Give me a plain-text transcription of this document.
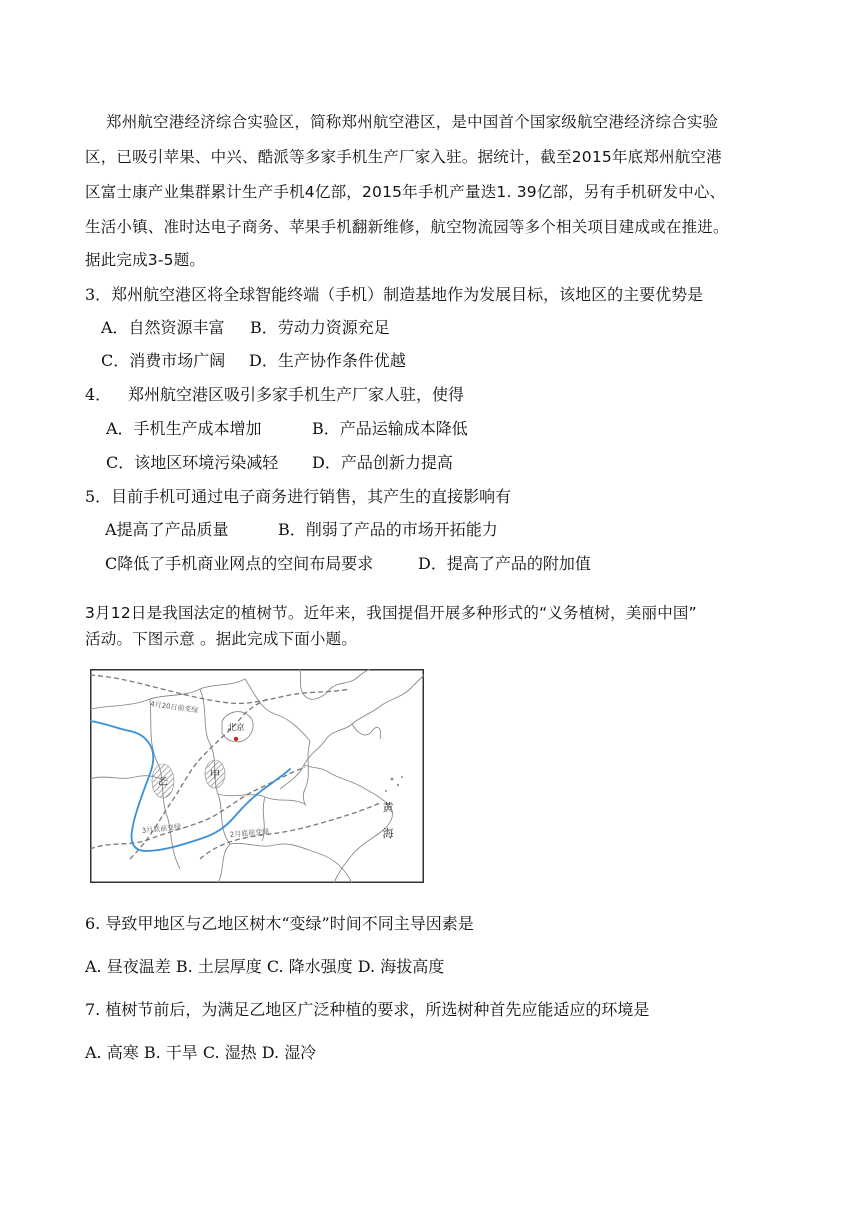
郑州航空港经济综合实验区，简称郑州航空港区，是中国首个国家级航空港经济综合实验
区，已吸引苹果、中兴、酷派等多家手机生产厂家入驻。据统计，截至2015年底郑州航空港
区富士康产业集群累计生产手机4亿部，2015年手机产量迭1. 39亿部，另有手机研发中心、
生活小镇、准时达电子商务、苹果手机翻新维修，航空物流园等多个相关项目建成或在推进。
据此完成3-5题。
3．郑州航空港区将全球智能终端（手机）制造基地作为发展目标，该地区的主要优势是
A．自然资源丰富 B．劳动力资源充足
C．消费市场广阔 D．生产协作条件优越
4． 郑州航空港区吸引多家手机生产厂家人驻，使得
A．手机生产成本增加	B．产品运输成本降低
C．该地区环境污染减轻 D．产品创新力提高
5．目前手机可通过电子商务进行销售，其产生的直接影响有
A提高了产品质量	B．削弱了产品的市场开拓能力
C降低了手机商业网点的空间布局要求	D．提高了产品的附加值
3月12日是我国法定的植树节。近年来，我国提倡开展多种形式的“义务植树，美丽中国”
活动。下图示意 。据此完成下面小题。
乙
甲
北京
4月20日前变绿
3月底前变绿	2月底前变绿
黄
海
6. 导致甲地区与乙地区树木“变绿”时间不同主导因素是
A. 昼夜温差 B. 土层厚度 C. 降水强度 D. 海拔高度
7. 植树节前后，为满足乙地区广泛种植的要求，所选树种首先应能适应的环境是
A. 高寒 B. 干旱 C. 湿热 D. 湿冷
